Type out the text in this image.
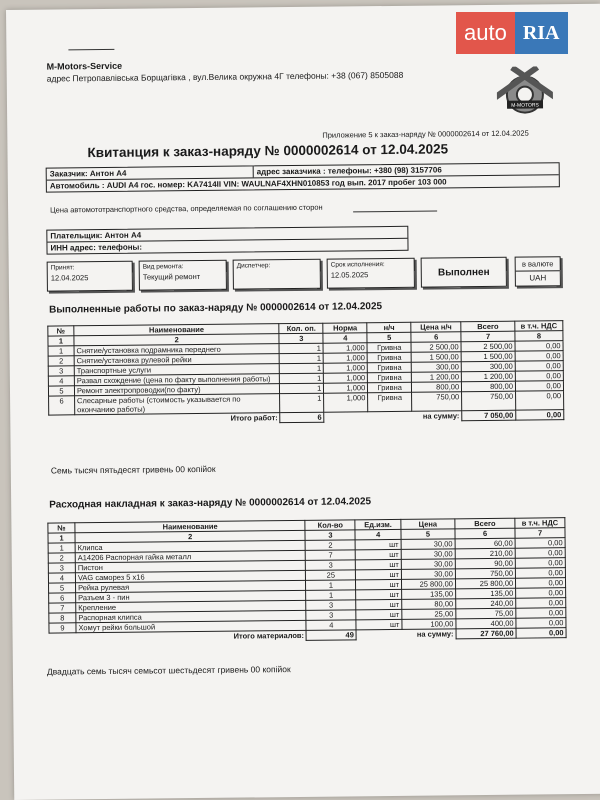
auto RIA
M-Motors-Service
адрес Петропавлівська Борщагівка , вул.Велика окружна 4Г телефоны: +38 (067) 8505088
M-MOTORS
Приложение 5 к заказ-наряду № 0000002614 от 12.04.2025
Квитанция к заказ-наряду № 0000002614 от 12.04.2025
Заказчик: Антон А4	адрес заказчика : телефоны: +380 (98) 3157706
Автомобиль : AUDI A4 гос. номер: KA7414II VIN: WAULNAF4XHN010853 год вып. 2017 пробег 103 000
Цена автомототранспортного средства, определяемая по соглашению сторон
Плательщик: Антон А4
ИНН адрес: телефоны:
Принят:
12.04.2025
Вид ремонта:
Текущий ремонт
Диспетчер:	Срок исполнения:
12.05.2025	Выполнен
в валюте
UAH
Выполненные работы по заказ-наряду № 0000002614 от 12.04.2025
№	Наименование	Кол. оп.	Норма	н/ч	Цена н/ч	Всего	в т.ч. НДС
1	2	3	4	5	6	7	8
1	Снятие/установка подрамника переднего	1	1,000	Гривна	2 500,00	2 500,00	0,00
2	Снятие/установка рулевой рейки	1	1,000	Гривна	1 500,00	1 500,00	0,00
3	Транспортные услуги	1	1,000	Гривна	300,00	300,00	0,00
4	Развал схождение (цена по факту выполнения работы)	1	1,000	Гривна	1 200,00	1 200,00	0,00
5	Ремонт электропроводки(по факту)	1	1,000	Гривна	800,00	800,00	0,00
6	Слесарные работы (стоимость указывается по окончанию работы)	1	1,000	Гривна	750,00	750,00	0,00
	Итого работ:	6			на сумму:	7 050,00	0,00
Семь тысяч пятьдесят гривень 00 копійок
Расходная накладная к заказ-наряду № 0000002614 от 12.04.2025
№	Наименование	Кол-во	Ед.изм.	Цена	Всего	в т.ч. НДС
1	2	3	4	5	6	7
1	Клипса	2	шт	30,00	60,00	0,00
2	A14206 Распорная гайка металл	7	шт	30,00	210,00	0,00
3	Пистон	3	шт	30,00	90,00	0,00
4	VAG саморез 5 x16	25	шт	30,00	750,00	0,00
5	Рейка рулевая	1	шт	25 800,00	25 800,00	0,00
6	Разъем 3 - пин	1	шт	135,00	135,00	0,00
7	Крепление	3	шт	80,00	240,00	0,00
8	Распорная клипса	3	шт	25,00	75,00	0,00
9	Хомут рейки большой	4	шт	100,00	400,00	0,00
	Итого материалов:	49		на сумму:	27 760,00	0,00
Двадцать семь тысяч семьсот шестьдесят гривень 00 копійок
